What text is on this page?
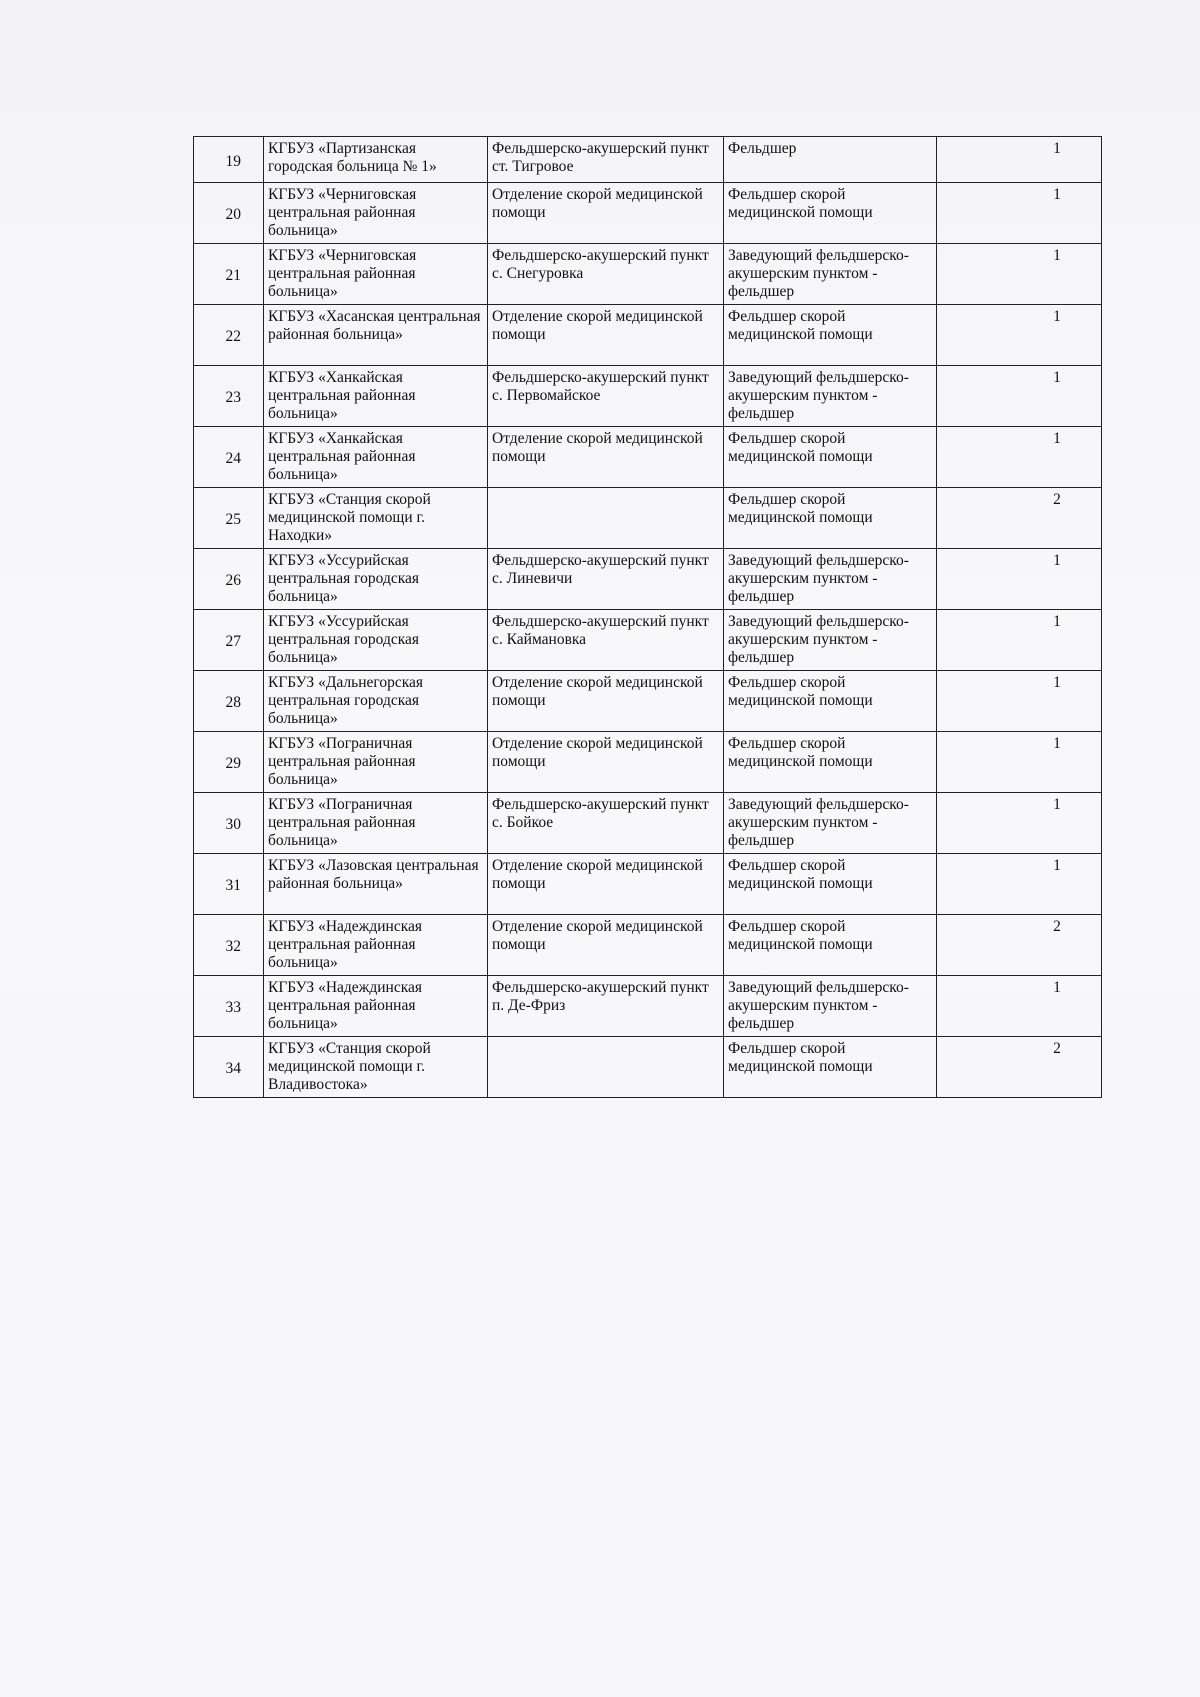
19	КГБУЗ «Партизанская городская больница № 1»	Фельдшерско-акушерский пункт ст. Тигровое	Фельдшер	1
20	КГБУЗ «Черниговская центральная районная больница»	Отделение скорой медицинской помощи	Фельдшер скорой медицинской помощи	1
21	КГБУЗ «Черниговская центральная районная больница»	Фельдшерско-акушерский пункт с. Снегуровка	Заведующий фельдшерско-акушерским пунктом - фельдшер	1
22	КГБУЗ «Хасанская центральная районная больница»	Отделение скорой медицинской помощи	Фельдшер скорой медицинской помощи	1
23	КГБУЗ «Ханкайская центральная районная больница»	Фельдшерско-акушерский пункт с. Первомайское	Заведующий фельдшерско-акушерским пунктом - фельдшер	1
24	КГБУЗ «Ханкайская центральная районная больница»	Отделение скорой медицинской помощи	Фельдшер скорой медицинской помощи	1
25	КГБУЗ «Станция скорой медицинской помощи г. Находки»		Фельдшер скорой медицинской помощи	2
26	КГБУЗ «Уссурийская центральная городская больница»	Фельдшерско-акушерский пункт с. Линевичи	Заведующий фельдшерско-акушерским пунктом - фельдшер	1
27	КГБУЗ «Уссурийская центральная городская больница»	Фельдшерско-акушерский пункт с. Каймановка	Заведующий фельдшерско-акушерским пунктом - фельдшер	1
28	КГБУЗ «Дальнегорская центральная городская больница»	Отделение скорой медицинской помощи	Фельдшер скорой медицинской помощи	1
29	КГБУЗ «Пограничная центральная районная больница»	Отделение скорой медицинской помощи	Фельдшер скорой медицинской помощи	1
30	КГБУЗ «Пограничная центральная районная больница»	Фельдшерско-акушерский пункт с. Бойкое	Заведующий фельдшерско-акушерским пунктом - фельдшер	1
31	КГБУЗ «Лазовская центральная районная больница»	Отделение скорой медицинской помощи	Фельдшер скорой медицинской помощи	1
32	КГБУЗ «Надеждинская центральная районная больница»	Отделение скорой медицинской помощи	Фельдшер скорой медицинской помощи	2
33	КГБУЗ «Надеждинская центральная районная больница»	Фельдшерско-акушерский пункт п. Де-Фриз	Заведующий фельдшерско-акушерским пунктом - фельдшер	1
34	КГБУЗ «Станция скорой медицинской помощи г. Владивостока»		Фельдшер скорой медицинской помощи	2
